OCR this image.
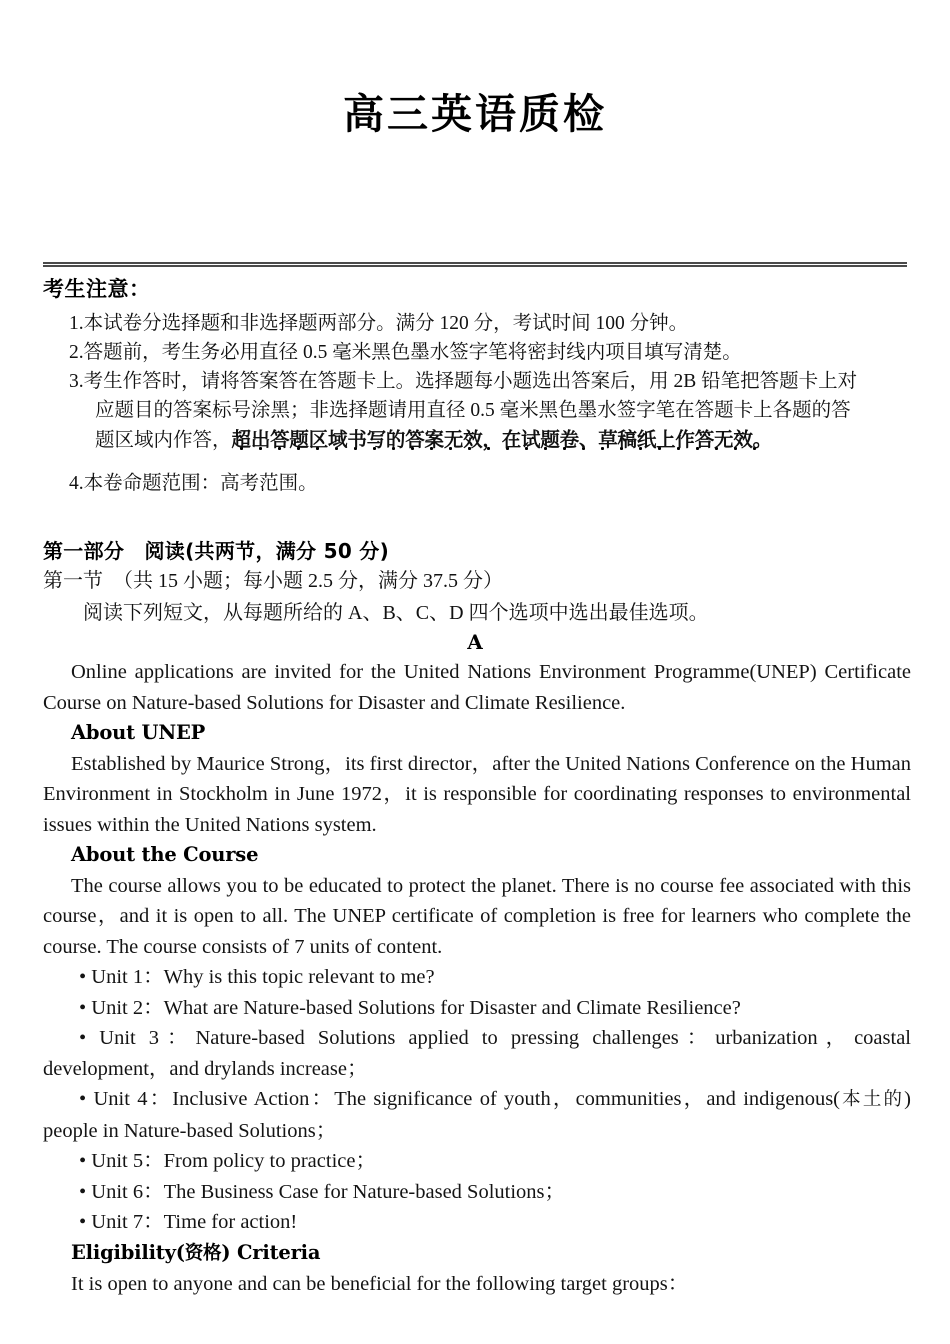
高三英语质检
考生注意：
1.本试卷分选择题和非选择题两部分。满分 120 分，考试时间 100 分钟。
2.答题前，考生务必用直径 0.5 毫米黑色墨水签字笔将密封线内项目填写清楚。
3.考生作答时，请将答案答在答题卡上。选择题每小题选出答案后，用 2B 铅笔把答题卡上对
应题目的答案标号涂黑；非选择题请用直径 0.5 毫米黑色墨水签字笔在答题卡上各题的答
题区域内作答，超出答题区域书写的答案无效，在试题卷、草稿纸上作答无效。
4.本卷命题范围：高考范围。
第一部分　阅读(共两节，满分 50 分)
第一节　（共 15 小题；每小题 2.5 分，满分 37.5 分）
阅读下列短文，从每题所给的 A、B、C、D 四个选项中选出最佳选项。
A

Online applications are invited for the United Nations Environment Programme(UNEP) Certificate Course on Nature-based Solutions for Disaster and Climate Resilience.

About UNEP

Established by Maurice Strong，its first director，after the United Nations Conference on the Human Environment in Stockholm in June 1972，it is responsible for coordinating responses to environmental issues within the United Nations system.

About the Course

The course allows you to be educated to protect the planet. There is no course fee associated with this course，and it is open to all. The UNEP certificate of completion is free for learners who complete the course. The course consists of 7 units of content.

• Unit 1：Why is this topic relevant to me?

• Unit 2：What are Nature-based Solutions for Disaster and Climate Resilience?

• Unit 3：Nature-based Solutions applied to pressing challenges：urbanization，coastal development，and drylands increase；

• Unit 4：Inclusive Action：The significance of youth，communities，and indigenous(本土的) people in Nature-based Solutions；

• Unit 5：From policy to practice；

• Unit 6：The Business Case for Nature-based Solutions；

• Unit 7：Time for action!

Eligibility(资格) Criteria

It is open to anyone and can be beneficial for the following target groups：
